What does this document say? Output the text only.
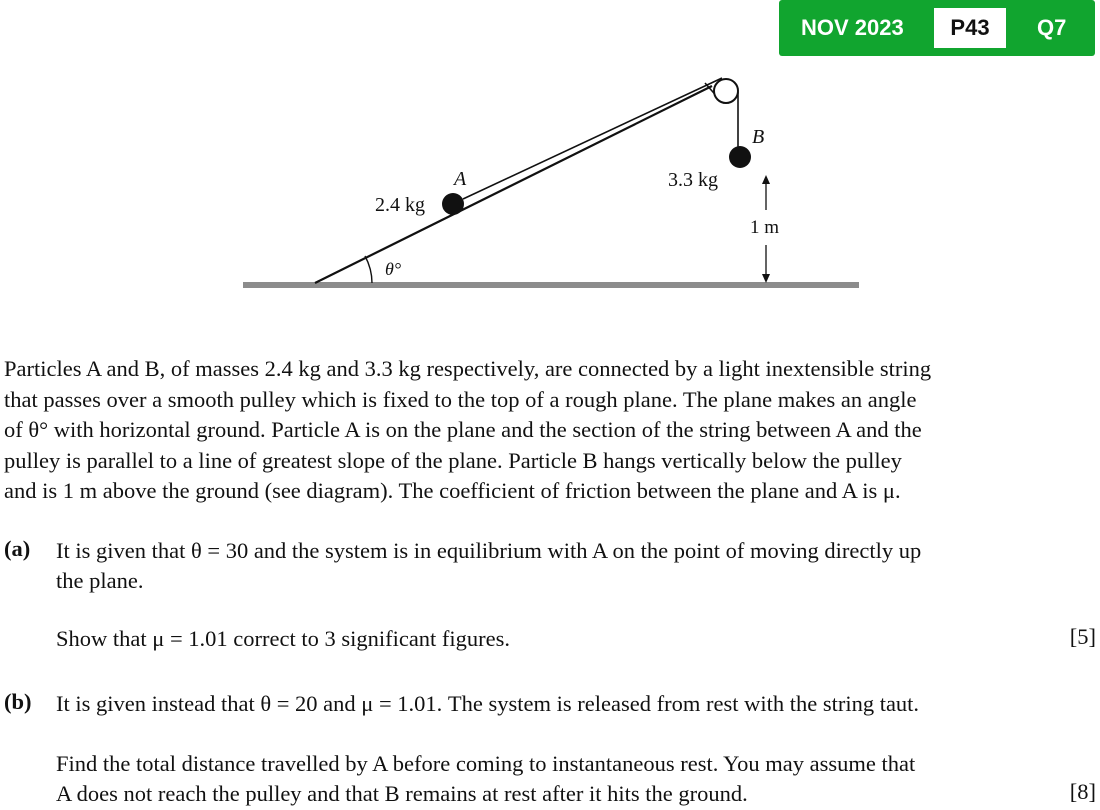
NOV 2023	P43	Q7
2.4 kg
A	3.3 kg
B
θ°
1 m
Particles A and B, of masses 2.4 kg and 3.3 kg respectively, are connected by a light inextensible string
that passes over a smooth pulley which is fixed to the top of a rough plane. The plane makes an angle
of θ° with horizontal ground. Particle A is on the plane and the section of the string between A and the
pulley is parallel to a line of greatest slope of the plane. Particle B hangs vertically below the pulley
and is 1 m above the ground (see diagram). The coefficient of friction between the plane and A is μ.
(a) It is given that θ = 30 and the system is in equilibrium with A on the point of moving directly up
the plane.
Show that μ = 1.01 correct to 3 significant figures.	[5]
(b) It is given instead that θ = 20 and μ = 1.01. The system is released from rest with the string taut.
Find the total distance travelled by A before coming to instantaneous rest. You may assume that
A does not reach the pulley and that B remains at rest after it hits the ground.	[8]
